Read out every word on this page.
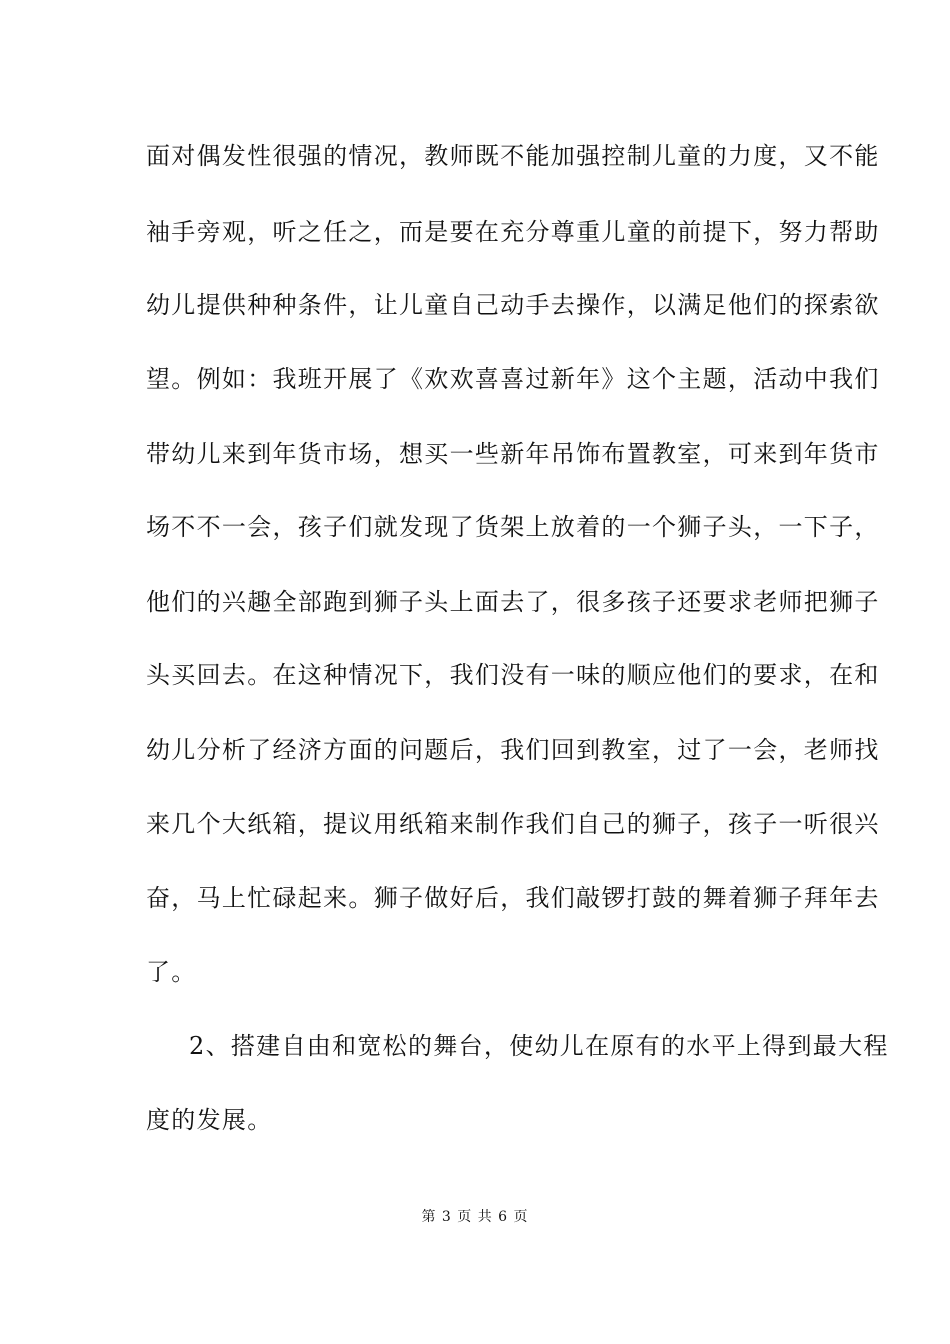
面对偶发性很强的情况，教师既不能加强控制儿童的力度，又不能
袖手旁观，听之任之，而是要在充分尊重儿童的前提下，努力帮助
幼儿提供种种条件，让儿童自己动手去操作，以满足他们的探索欲
望。例如：我班开展了《欢欢喜喜过新年》这个主题，活动中我们
带幼儿来到年货市场，想买一些新年吊饰布置教室，可来到年货市
场不不一会，孩子们就发现了货架上放着的一个狮子头，一下子，
他们的兴趣全部跑到狮子头上面去了，很多孩子还要求老师把狮子
头买回去。在这种情况下，我们没有一味的顺应他们的要求，在和
幼儿分析了经济方面的问题后，我们回到教室，过了一会，老师找
来几个大纸箱，提议用纸箱来制作我们自己的狮子，孩子一听很兴
奋，马上忙碌起来。狮子做好后，我们敲锣打鼓的舞着狮子拜年去
了。
2、搭建自由和宽松的舞台，使幼儿在原有的水平上得到最大程
度的发展。
第 3 页 共 6 页
